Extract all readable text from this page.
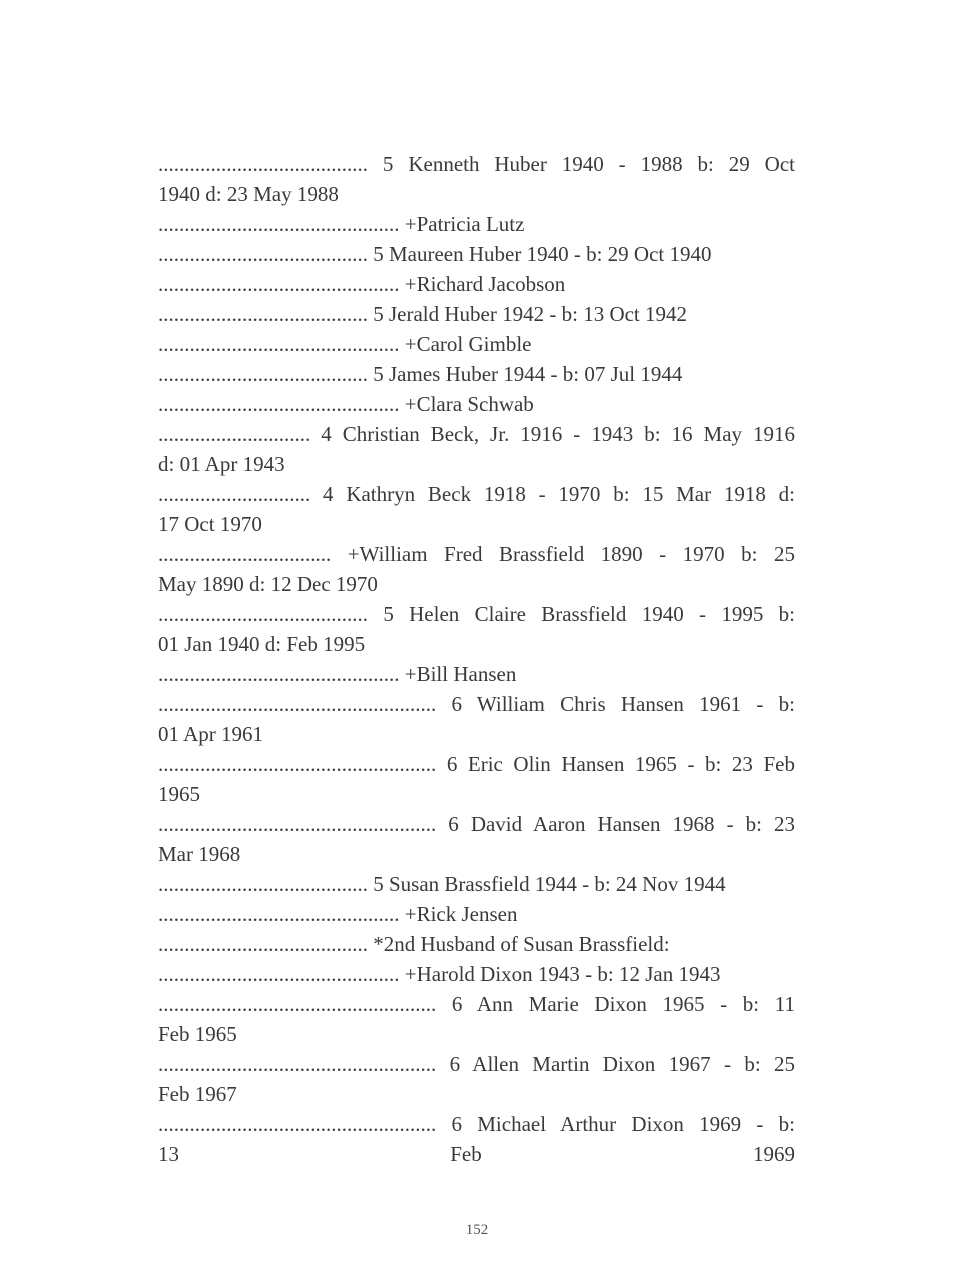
........................................ 5 Kenneth Huber 1940 - 1988 b: 29 Oct
1940 d: 23 May 1988
.............................................. +Patricia Lutz
........................................ 5 Maureen Huber 1940 - b: 29 Oct 1940
.............................................. +Richard Jacobson
........................................ 5 Jerald Huber 1942 - b: 13 Oct 1942
.............................................. +Carol Gimble
........................................ 5 James Huber 1944 - b: 07 Jul 1944
.............................................. +Clara Schwab
............................. 4 Christian Beck, Jr. 1916 - 1943 b: 16 May 1916
d: 01 Apr 1943
............................. 4 Kathryn Beck 1918 - 1970 b: 15 Mar 1918 d:
17 Oct 1970
................................. +William Fred Brassfield 1890 - 1970 b: 25
May 1890 d: 12 Dec 1970
........................................ 5 Helen Claire Brassfield 1940 - 1995 b:
01 Jan 1940 d: Feb 1995
.............................................. +Bill Hansen
..................................................... 6 William Chris Hansen 1961 - b:
01 Apr 1961
..................................................... 6 Eric Olin Hansen 1965 - b: 23 Feb
1965
..................................................... 6 David Aaron Hansen 1968 - b: 23
Mar 1968
........................................ 5 Susan Brassfield 1944 - b: 24 Nov 1944
.............................................. +Rick Jensen
........................................ *2nd Husband of Susan Brassfield:
.............................................. +Harold Dixon 1943 - b: 12 Jan 1943
..................................................... 6 Ann Marie Dixon 1965 - b: 11
Feb 1965
..................................................... 6 Allen Martin Dixon 1967 - b: 25
Feb 1967
..................................................... 6 Michael Arthur Dixon 1969 - b:
13 Feb 1969
152
